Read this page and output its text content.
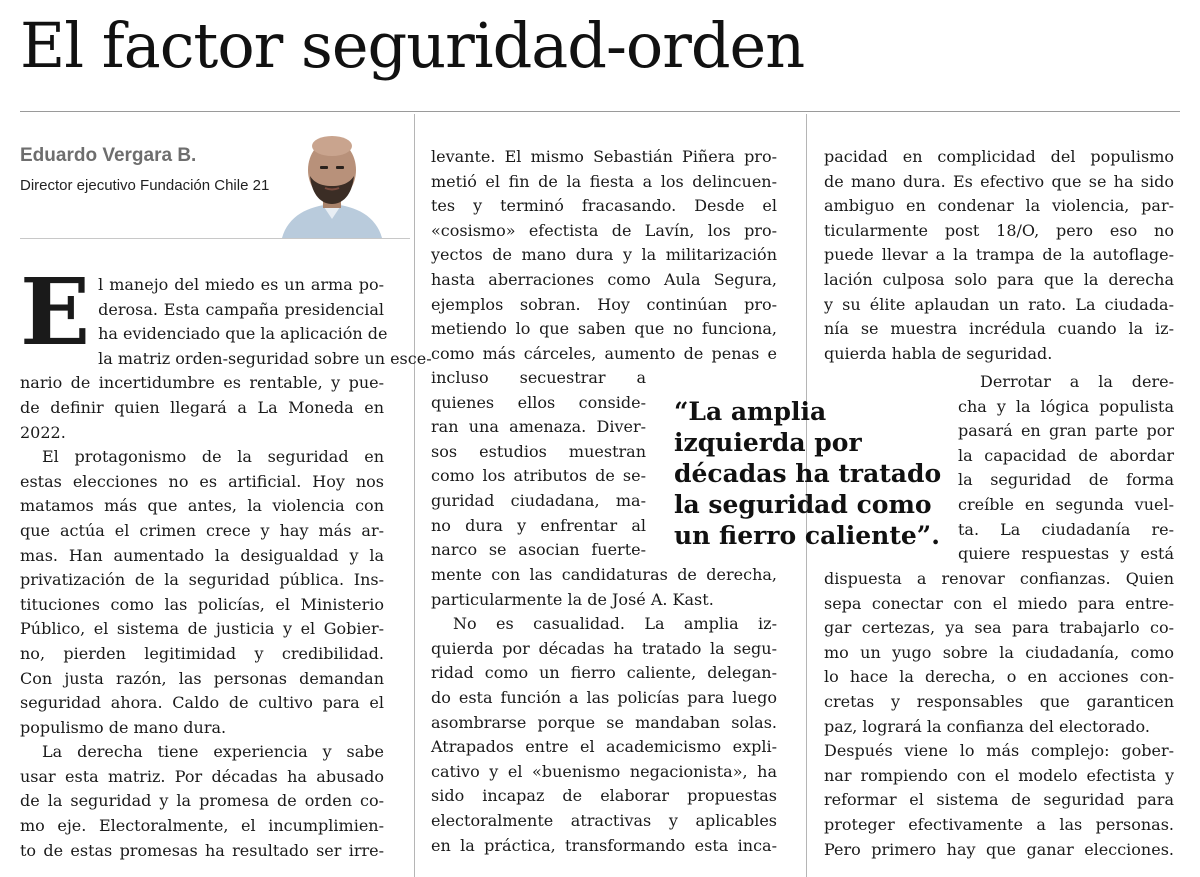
El factor seguridad-orden
Eduardo Vergara B.
Director ejecutivo Fundación Chile 21
E l manejo del miedo es un arma po-

derosa. Esta campaña presidencial

ha evidenciado que la aplicación de

la matriz orden-seguridad sobre un esce-

nario de incertidumbre es rentable, y pue-

de definir quien llegará a La Moneda en

2022.

El protagonismo de la seguridad en

estas elecciones no es artificial. Hoy nos

matamos más que antes, la violencia con

que actúa el crimen crece y hay más ar-

mas. Han aumentado la desigualdad y la

privatización de la seguridad pública. Ins-

tituciones como las policías, el Ministerio

Público, el sistema de justicia y el Gobier-

no, pierden legitimidad y credibilidad.

Con justa razón, las personas demandan

seguridad ahora. Caldo de cultivo para el

populismo de mano dura.

La derecha tiene experiencia y sabe

usar esta matriz. Por décadas ha abusado

de la seguridad y la promesa de orden co-

mo eje. Electoralmente, el incumplimien-

to de estas promesas ha resultado ser irre-

levante. El mismo Sebastián Piñera pro-

metió el fin de la fiesta a los delincuen-

tes y terminó fracasando. Desde el

«cosismo» efectista de Lavín, los pro-

yectos de mano dura y la militarización

hasta aberraciones como Aula Segura,

ejemplos sobran. Hoy continúan pro-

metiendo lo que saben que no funciona,

como más cárceles, aumento de penas e

incluso secuestrar a

quienes ellos conside-

ran una amenaza. Diver-

sos estudios muestran

como los atributos de se-

guridad ciudadana, ma-

no dura y enfrentar al

narco se asocian fuerte-

mente con las candidaturas de derecha,

particularmente la de José A. Kast.

No es casualidad. La amplia iz-

quierda por décadas ha tratado la segu-

ridad como un fierro caliente, delegan-

do esta función a las policías para luego

asombrarse porque se mandaban solas.

Atrapados entre el academicismo expli-

cativo y el «buenismo negacionista», ha

sido incapaz de elaborar propuestas

electoralmente atractivas y aplicables

en la práctica, transformando esta inca-

“La amplia
izquierda por
décadas ha tratado
la seguridad como
un fierro caliente”.

pacidad en complicidad del populismo

de mano dura. Es efectivo que se ha sido

ambiguo en condenar la violencia, par-

ticularmente post 18/O, pero eso no

puede llevar a la trampa de la autoflage-

lación culposa solo para que la derecha

y su élite aplaudan un rato. La ciudada-

nía se muestra incrédula cuando la iz-

quierda habla de seguridad.

Derrotar a la dere-

cha y la lógica populista

pasará en gran parte por

la capacidad de abordar

la seguridad de forma

creíble en segunda vuel-

ta. La ciudadanía re-

quiere respuestas y está

dispuesta a renovar confianzas. Quien

sepa conectar con el miedo para entre-

gar certezas, ya sea para trabajarlo co-

mo un yugo sobre la ciudadanía, como

lo hace la derecha, o en acciones con-

cretas y responsables que garanticen

paz, logrará la confianza del electorado.

Después viene lo más complejo: gober-

nar rompiendo con el modelo efectista y

reformar el sistema de seguridad para

proteger efectivamente a las personas.

Pero primero hay que ganar elecciones.
